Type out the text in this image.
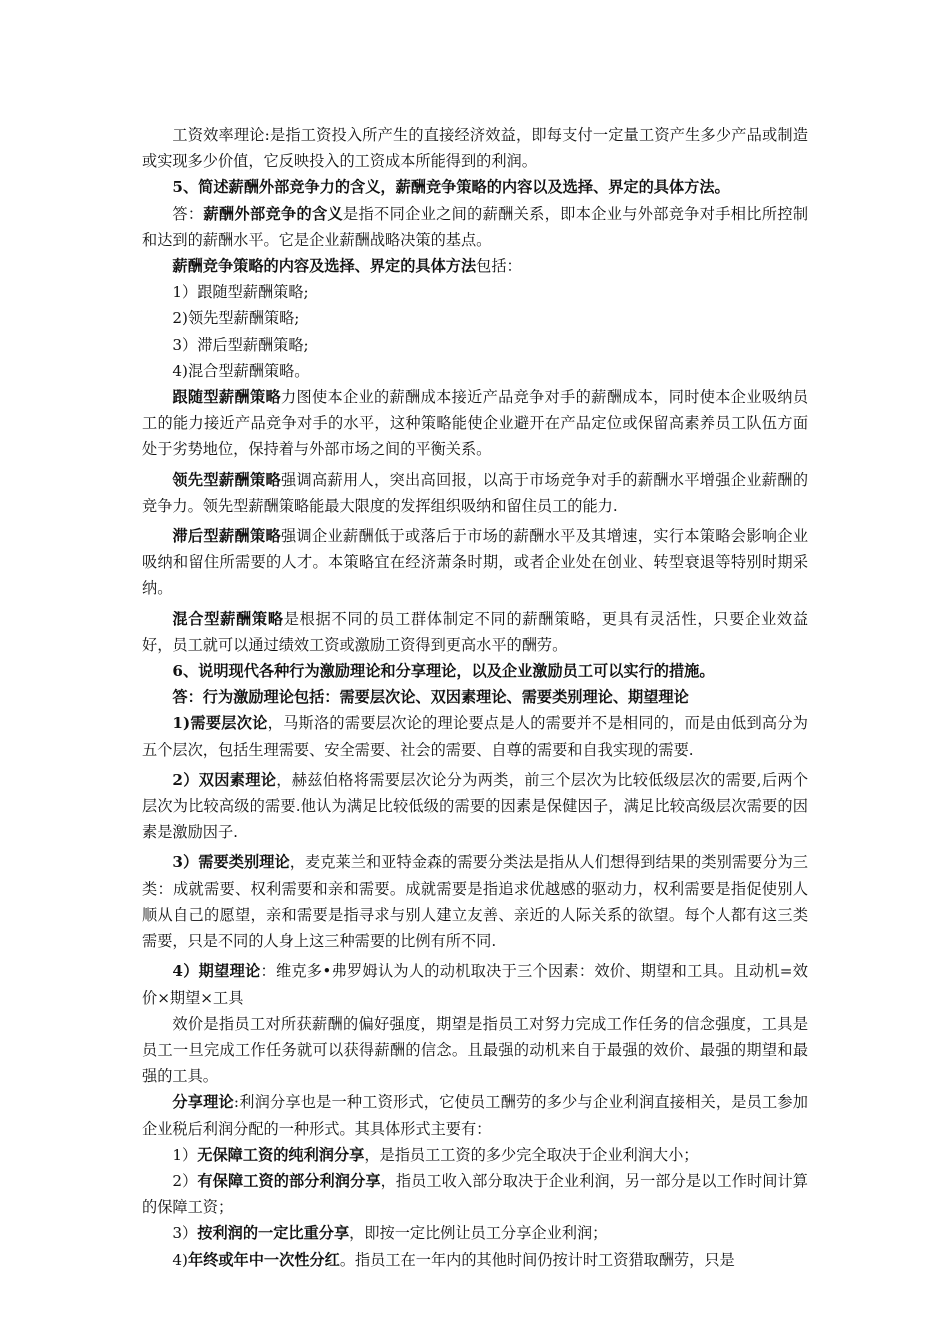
工资效率理论:是指工资投入所产生的直接经济效益，即每支付一定量工资产生多少产品或制造或实现多少价值，它反映投入的工资成本所能得到的利润。

5、简述薪酬外部竞争力的含义，薪酬竞争策略的内容以及选择、界定的具体方法。

答：薪酬外部竞争的含义是指不同企业之间的薪酬关系，即本企业与外部竞争对手相比所控制和达到的薪酬水平。它是企业薪酬战略决策的基点。

薪酬竞争策略的内容及选择、界定的具体方法包括：

1）跟随型薪酬策略;

2)领先型薪酬策略;

3）滞后型薪酬策略;

4)混合型薪酬策略。

跟随型薪酬策略力图使本企业的薪酬成本接近产品竞争对手的薪酬成本，同时使本企业吸纳员工的能力接近产品竞争对手的水平，这种策略能使企业避开在产品定位或保留高素养员工队伍方面处于劣势地位，保持着与外部市场之间的平衡关系。

领先型薪酬策略强调高薪用人，突出高回报，以高于市场竞争对手的薪酬水平增强企业薪酬的竞争力。领先型薪酬策略能最大限度的发挥组织吸纳和留住员工的能力.

滞后型薪酬策略强调企业薪酬低于或落后于市场的薪酬水平及其增速，实行本策略会影响企业吸纳和留住所需要的人才。本策略宜在经济萧条时期，或者企业处在创业、转型衰退等特别时期采纳。

混合型薪酬策略是根据不同的员工群体制定不同的薪酬策略，更具有灵活性，只要企业效益好，员工就可以通过绩效工资或激励工资得到更高水平的酬劳。

6、说明现代各种行为激励理论和分享理论，以及企业激励员工可以实行的措施。

答：行为激励理论包括：需要层次论、双因素理论、需要类别理论、期望理论

1)需要层次论，马斯洛的需要层次论的理论要点是人的需要并不是相同的，而是由低到高分为五个层次，包括生理需要、安全需要、社会的需要、自尊的需要和自我实现的需要.

2）双因素理论，赫兹伯格将需要层次论分为两类，前三个层次为比较低级层次的需要,后两个层次为比较高级的需要.他认为满足比较低级的需要的因素是保健因子，满足比较高级层次需要的因素是激励因子.

3）需要类别理论，麦克莱兰和亚特金森的需要分类法是指从人们想得到结果的类别需要分为三类：成就需要、权利需要和亲和需要。成就需要是指追求优越感的驱动力，权利需要是指促使别人顺从自己的愿望，亲和需要是指寻求与别人建立友善、亲近的人际关系的欲望。每个人都有这三类需要，只是不同的人身上这三种需要的比例有所不同.

4）期望理论：维克多•弗罗姆认为人的动机取决于三个因素：效价、期望和工具。且动机=效价×期望×工具

效价是指员工对所获薪酬的偏好强度，期望是指员工对努力完成工作任务的信念强度，工具是员工一旦完成工作任务就可以获得薪酬的信念。且最强的动机来自于最强的效价、最强的期望和最强的工具。

分享理论:利润分享也是一种工资形式，它使员工酬劳的多少与企业利润直接相关，是员工参加企业税后利润分配的一种形式。其具体形式主要有：

1）无保障工资的纯利润分享，是指员工工资的多少完全取决于企业利润大小；

2）有保障工资的部分利润分享，指员工收入部分取决于企业利润，另一部分是以工作时间计算的保障工资；

3）按利润的一定比重分享，即按一定比例让员工分享企业利润；

4)年终或年中一次性分红。指员工在一年内的其他时间仍按计时工资猎取酬劳，只是
